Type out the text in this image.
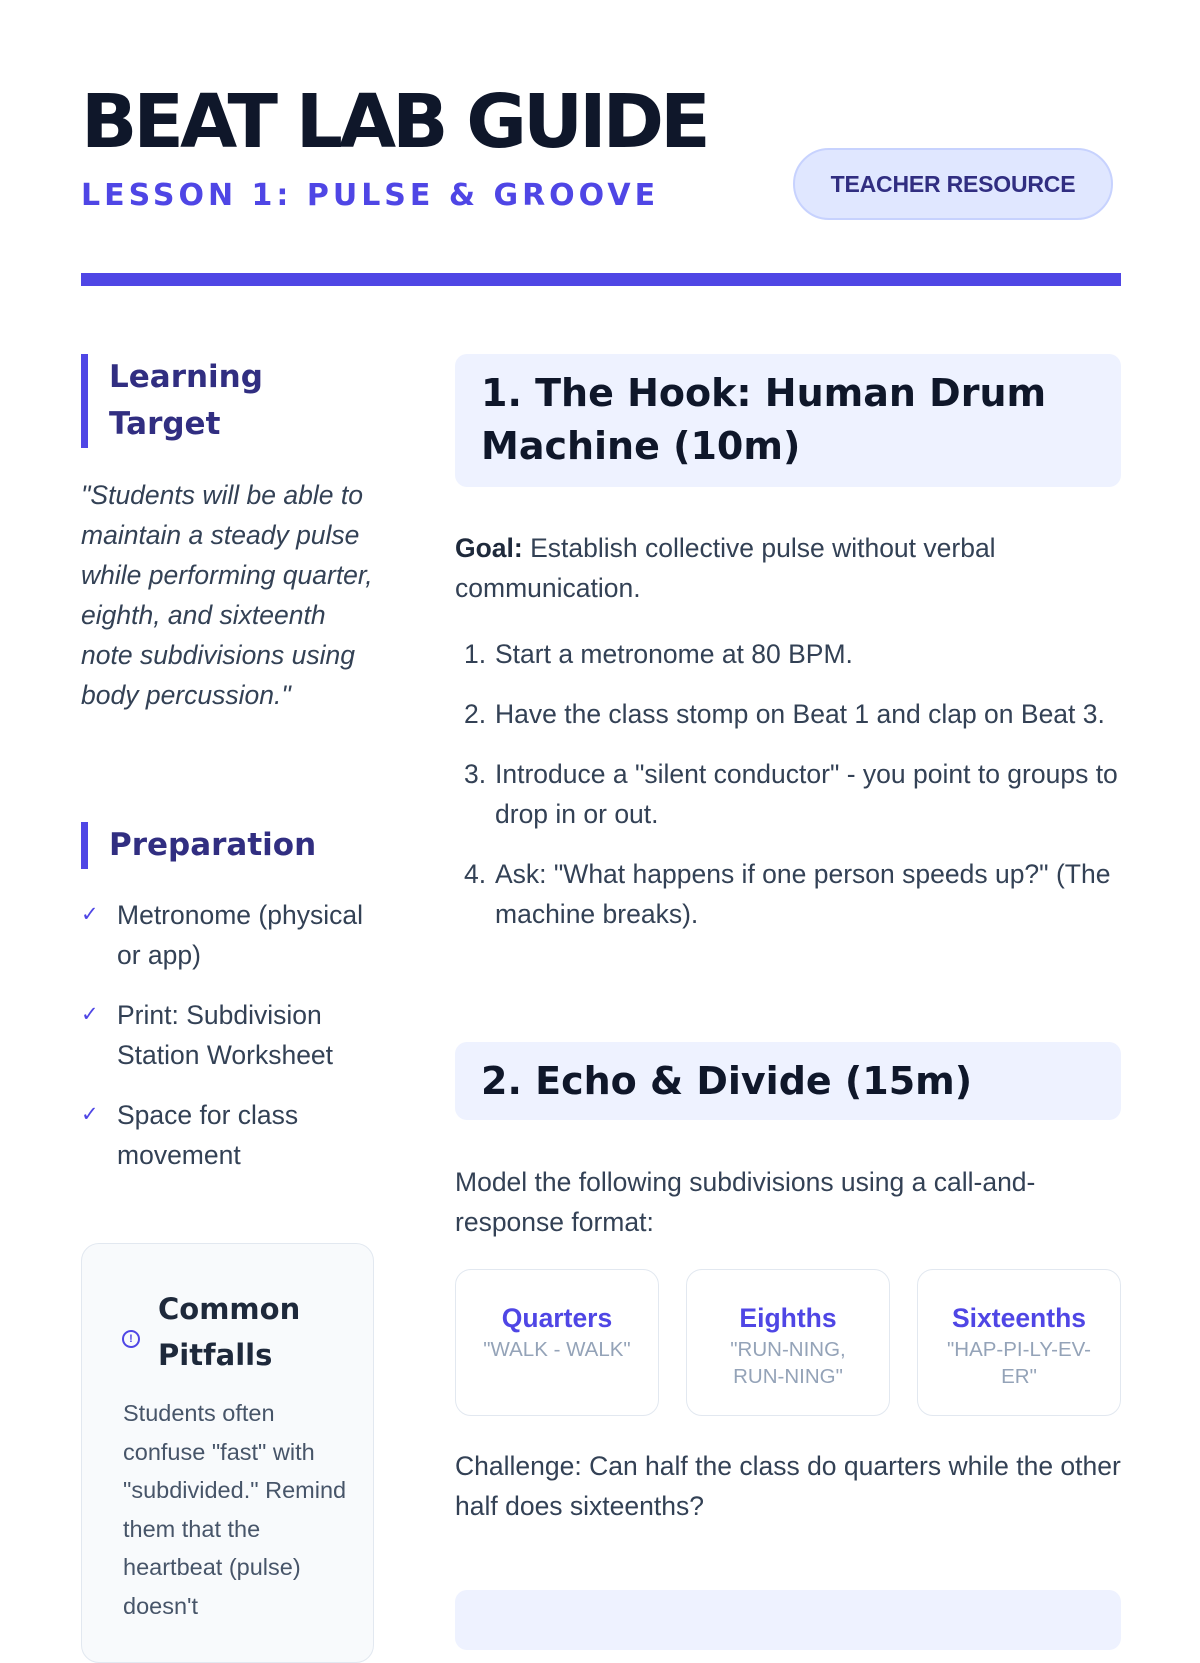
BEAT LAB GUIDE
LESSON 1: PULSE & GROOVE	TEACHER RESOURCE
Learning Target

"Students will be able to maintain a steady pulse while performing quarter, eighth, and sixteenth note subdivisions using body percussion."

Preparation
✓ Metronome (physical or app)
✓ Print: Subdivision Station Worksheet
✓ Space for class movement
!
Common Pitfalls
Students often confuse "fast" with "subdivided." Remind them that the heartbeat (pulse) doesn't
1. The Hook: Human Drum Machine (10m)

Goal: Establish collective pulse without verbal communication.

1. Start a metronome at 80 BPM.
2. Have the class stomp on Beat 1 and clap on Beat 3.
3. Introduce a "silent conductor" - you point to groups to drop in or out.
4. Ask: "What happens if one person speeds up?" (The machine breaks).
2. Echo & Divide (15m)

Model the following subdivisions using a call-and-response format:

Quarters
"WALK - WALK"
Eighths
"RUN-NING, RUN-NING"
Sixteenths
"HAP-PI-LY-EV-ER"

Challenge: Can half the class do quarters while the other half does sixteenths?
